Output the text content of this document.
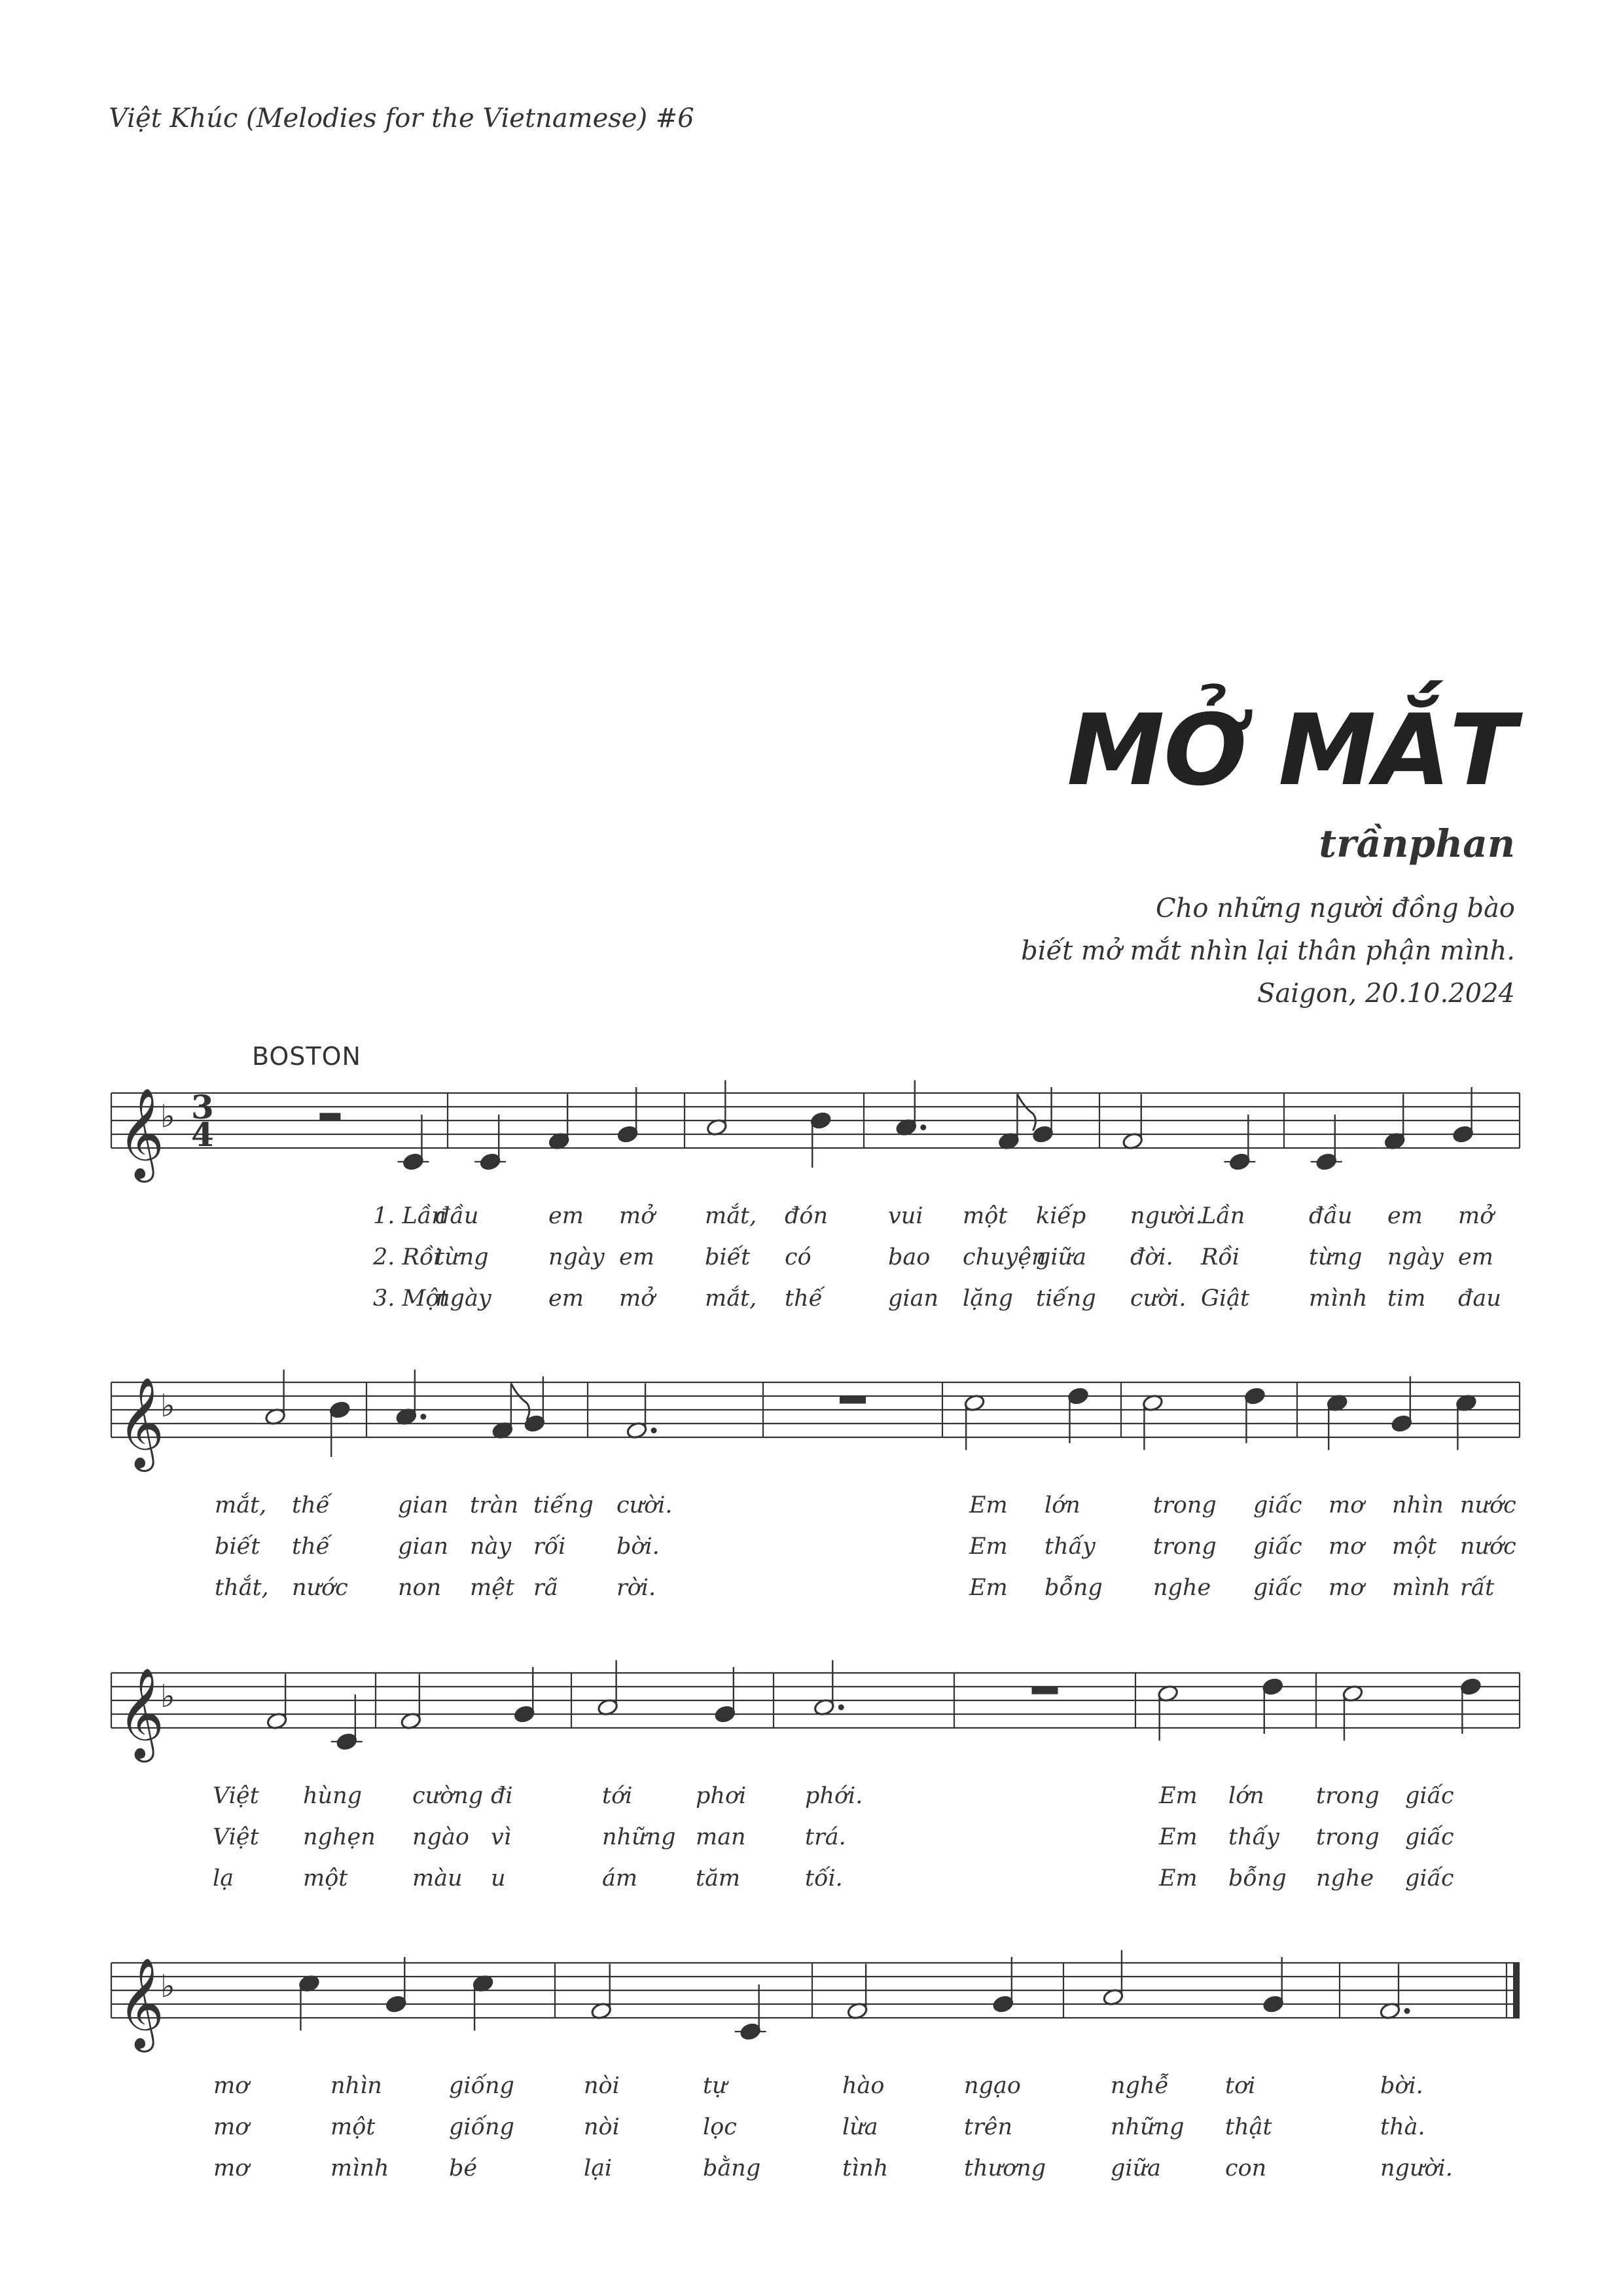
Việt Khúc (Melodies for the Vietnamese) #6
MỞ MẮT
trầnphan
Cho những người đồng bào
biết mở mắt nhìn lại thân phận mình.
Saigon, 20.10.2024
BOSTON
𝄞
♭ 3
4
1. Lần
đầu	em mở mắt, đón	vui một kiếp người.
Lần	đầu em mở
2. Rồi
từng	ngày em biết có	bao chuyện
giữa đời. Rồi	từng ngày em
3. Một
ngày em mở mắt, thế	gian lặng tiếng cười. Giật	mình tim đau
𝄞
♭
mắt, thế	gian tràn tiếng cười.	Em lớn	trong giấc mơ nhìn nước
biết thế	gian này rối bời.	Em thấy	trong giấc mơ một nước
thắt, nước non mệt rã	rời.	Em bỗng nghe giấc mơ mình rất
𝄞
♭
Việt hùng cường đi	tới	phơi	phới.	Em lớn trong giấc
Việt nghẹn ngào vì	những man	trá.	Em thấy trong giấc
lạ	một	màu u	ám	tăm	tối.	Em bỗng nghe giấc
𝄞
♭
mơ	nhìn	giống	nòi	tự	hào	ngạo	nghễ tơi	bời.
mơ	một	giống	nòi	lọc	lừa	trên	những thật	thà.
mơ	mình	bé	lại	bằng	tình	thương	giữa	con	người.
